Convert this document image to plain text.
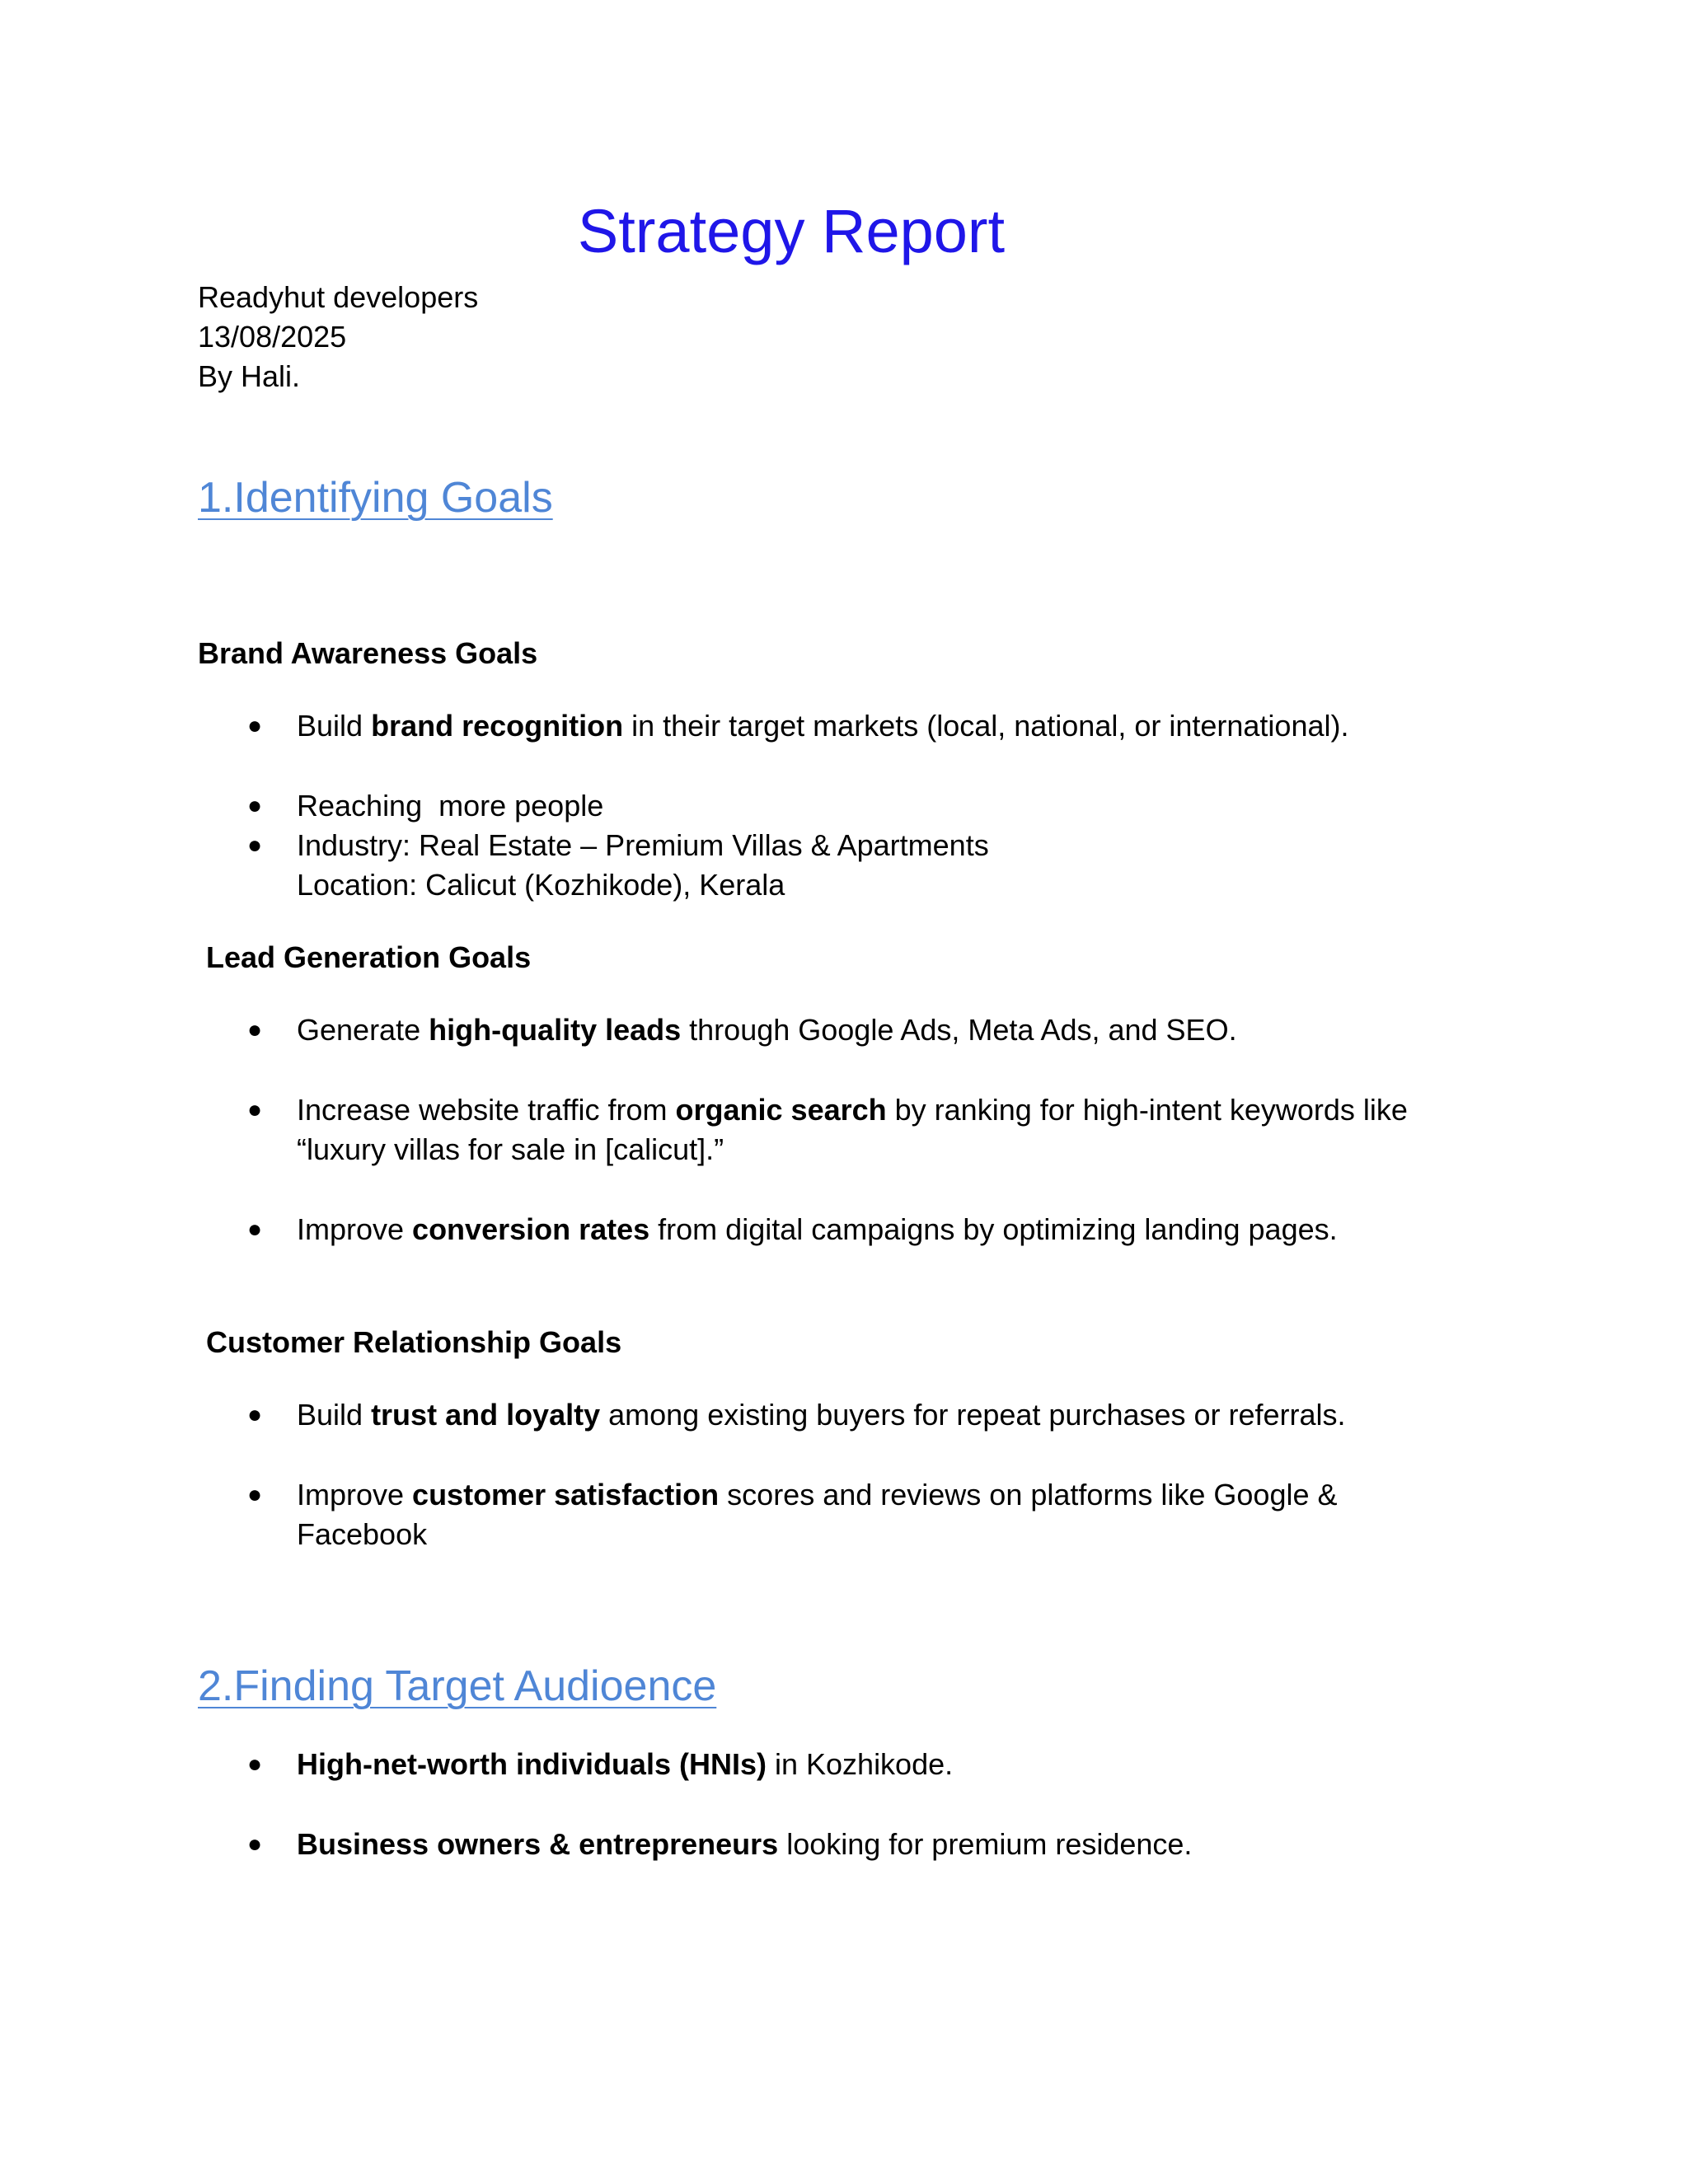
Strategy Report
Readyhut developers
13/08/2025
By Hali.
1.Identifying Goals
Brand Awareness Goals
●	Build brand recognition in their target markets (local, national, or international).
●	Reaching  more people
●	Industry: Real Estate – Premium Villas & Apartments
Location: Calicut (Kozhikode), Kerala
Lead Generation Goals
●	Generate high-quality leads through Google Ads, Meta Ads, and SEO.
●	Increase website traffic from organic search by ranking for high-intent keywords like
“luxury villas for sale in [calicut].”
●	Improve conversion rates from digital campaigns by optimizing landing pages.
Customer Relationship Goals
●	Build trust and loyalty among existing buyers for repeat purchases or referrals.
●	Improve customer satisfaction scores and reviews on platforms like Google &
Facebook
2.Finding Target Audioence
●	High-net-worth individuals (HNIs) in Kozhikode.
●	Business owners & entrepreneurs looking for premium residence.
